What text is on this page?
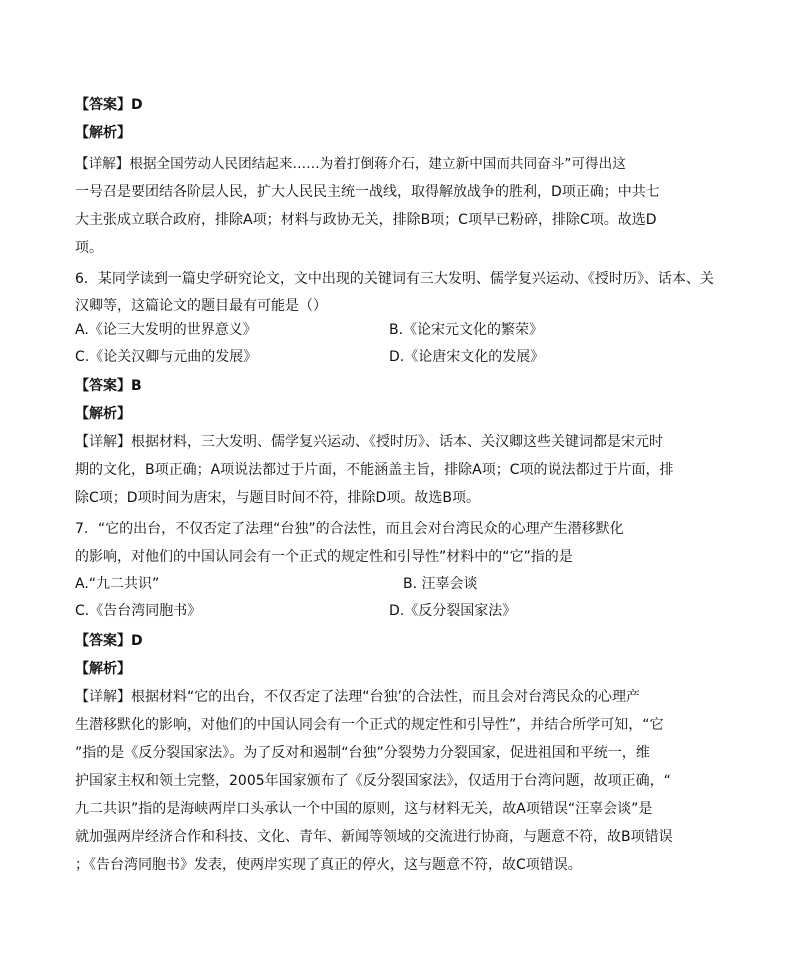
【答案】D
【解析】
【详解】根据全国劳动人民团结起来……为着打倒蒋介石，建立新中国而共同奋斗”可得出这
一号召是要团结各阶层人民，扩大人民民主统一战线，取得解放战争的胜利，D项正确；中共七
大主张成立联合政府，排除A项；材料与政协无关，排除B项；C项早已粉碎，排除C项。故选D
项。
6．某同学读到一篇史学研究论文，文中出现的关键词有三大发明、儒学复兴运动、《授时历》、话本、关
汉卿等，这篇论文的题目最有可能是（）
A.《论三大发明的世界意义》	B.《论宋元文化的繁荣》
C.《论关汉卿与元曲的发展》	D.《论唐宋文化的发展》
【答案】B
【解析】
【详解】根据材料，三大发明、儒学复兴运动、《授时历》、话本、关汉卿这些关键词都是宋元时
期的文化，B项正确；A项说法都过于片面，不能涵盖主旨，排除A项；C项的说法都过于片面，排
除C项；D项时间为唐宋，与题目时间不符，排除D项。故选B项。
7．“它的出台，不仅否定了法理“台独”的合法性，而且会对台湾民众的心理产生潜移默化
的影响，对他们的中国认同会有一个正式的规定性和引导性”材料中的“它”指的是
A.“九二共识”	B. 汪辜会谈
C.《告台湾同胞书》	D.《反分裂国家法》
【答案】D
【解析】
【详解】根据材料“它的出台，不仅否定了法理“台独’的合法性，而且会对台湾民众的心理产
生潜移默化的影响，对他们的中国认同会有一个正式的规定性和引导性”，并结合所学可知，“它
”指的是《反分裂国家法》。为了反对和遏制“台独”分裂势力分裂国家，促进祖国和平统一，维
护国家主权和领土完整，2005年国家颁布了《反分裂国家法》，仅适用于台湾问题，故项正确，“
九二共识”指的是海峡两岸口头承认一个中国的原则，这与材料无关，故A项错误“汪辜会谈”是
就加强两岸经济合作和科技、文化、青年、新闻等领域的交流进行协商，与题意不符，故B项错误
；《告台湾同胞书》发表，使两岸实现了真正的停火，这与题意不符，故C项错误。
